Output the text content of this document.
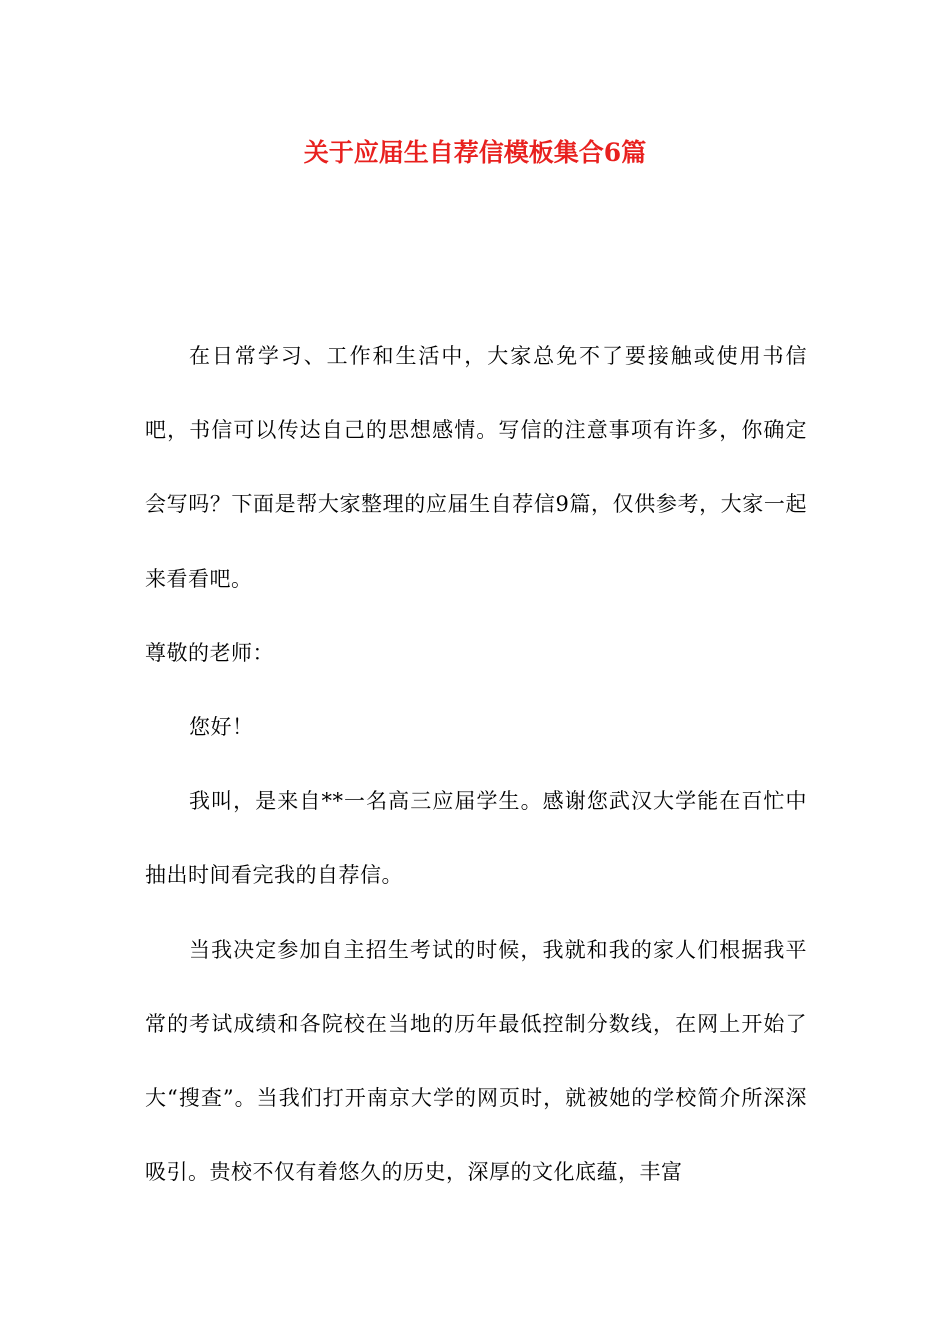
关于应届生自荐信模板集合6篇

在日常学习、工作和生活中，大家总免不了要接触或使用书信吧，书信可以传达自己的思想感情。写信的注意事项有许多，你确定会写吗？下面是帮大家整理的应届生自荐信9篇，仅供参考，大家一起来看看吧。

尊敬的老师：

您好！

我叫，是来自**一名高三应届学生。感谢您武汉大学能在百忙中抽出时间看完我的自荐信。

当我决定参加自主招生考试的时候，我就和我的家人们根据我平常的考试成绩和各院校在当地的历年最低控制分数线，在网上开始了大“搜查”。当我们打开南京大学的网页时，就被她的学校简介所深深吸引。贵校不仅有着悠久的历史，深厚的文化底蕴，丰富
